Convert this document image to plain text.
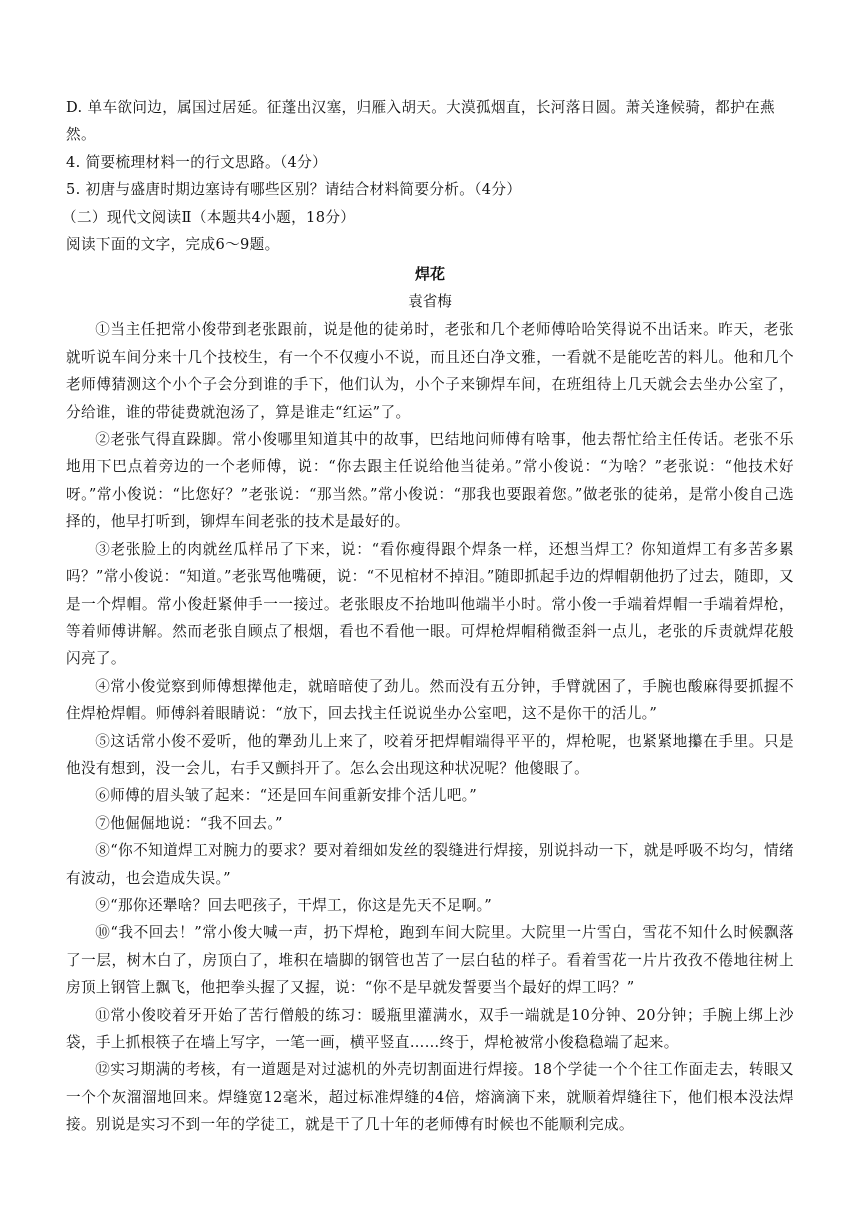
D. 单车欲问边，属国过居延。征蓬出汉塞，归雁入胡天。大漠孤烟直，长河落日圆。萧关逢候骑，都护在燕然。

4. 简要梳理材料一的行文思路。（4分）

5. 初唐与盛唐时期边塞诗有哪些区别？请结合材料简要分析。（4分）

（二）现代文阅读Ⅱ（本题共4小题，18分）

阅读下面的文字，完成6～9题。

焊花
袁省梅

①当主任把常小俊带到老张跟前，说是他的徒弟时，老张和几个老师傅哈哈笑得说不出话来。昨天，老张就听说车间分来十几个技校生，有一个不仅瘦小不说，而且还白净文雅，一看就不是能吃苦的料儿。他和几个老师傅猜测这个小个子会分到谁的手下，他们认为，小个子来铆焊车间，在班组待上几天就会去坐办公室了，分给谁，谁的带徒费就泡汤了，算是谁走“红运”了。

②老张气得直跺脚。常小俊哪里知道其中的故事，巴结地问师傅有啥事，他去帮忙给主任传话。老张不乐地用下巴点着旁边的一个老师傅，说：“你去跟主任说给他当徒弟。”常小俊说：“为啥？”老张说：“他技术好呀。”常小俊说：“比您好？”老张说：“那当然。”常小俊说：“那我也要跟着您。”做老张的徒弟，是常小俊自己选择的，他早打听到，铆焊车间老张的技术是最好的。

③老张脸上的肉就丝瓜样吊了下来，说：“看你瘦得跟个焊条一样，还想当焊工？你知道焊工有多苦多累吗？”常小俊说：“知道。”老张骂他嘴硬，说：“不见棺材不掉泪。”随即抓起手边的焊帽朝他扔了过去，随即，又是一个焊帽。常小俊赶紧伸手一一接过。老张眼皮不抬地叫他端半小时。常小俊一手端着焊帽一手端着焊枪，等着师傅讲解。然而老张自顾点了根烟，看也不看他一眼。可焊枪焊帽稍微歪斜一点儿，老张的斥责就焊花般闪亮了。

④常小俊觉察到师傅想撵他走，就暗暗使了劲儿。然而没有五分钟，手臂就困了，手腕也酸麻得要抓握不住焊枪焊帽。师傅斜着眼睛说：“放下，回去找主任说说坐办公室吧，这不是你干的活儿。”

⑤这话常小俊不爱听，他的犟劲儿上来了，咬着牙把焊帽端得平平的，焊枪呢，也紧紧地攥在手里。只是他没有想到，没一会儿，右手又颤抖开了。怎么会出现这种状况呢？他傻眼了。

⑥师傅的眉头皱了起来：“还是回车间重新安排个活儿吧。”

⑦他倔倔地说：“我不回去。”

⑧“你不知道焊工对腕力的要求？要对着细如发丝的裂缝进行焊接，别说抖动一下，就是呼吸不均匀，情绪有波动，也会造成失误。”

⑨“那你还犟啥？回去吧孩子，干焊工，你这是先天不足啊。”

⑩“我不回去！”常小俊大喊一声，扔下焊枪，跑到车间大院里。大院里一片雪白，雪花不知什么时候飘落了一层，树木白了，房顶白了，堆积在墙脚的钢管也苫了一层白毡的样子。看着雪花一片片孜孜不倦地往树上房顶上钢管上飘飞，他把拳头握了又握，说：“你不是早就发誓要当个最好的焊工吗？”

⑪常小俊咬着牙开始了苦行僧般的练习：暖瓶里灌满水，双手一端就是10分钟、20分钟；手腕上绑上沙袋，手上抓根筷子在墙上写字，一笔一画，横平竖直……终于，焊枪被常小俊稳稳端了起来。

⑫实习期满的考核，有一道题是对过滤机的外壳切割面进行焊接。18个学徒一个个往工作面走去，转眼又一个个灰溜溜地回来。焊缝宽12毫米，超过标准焊缝的4倍，熔滴滴下来，就顺着焊缝往下，他们根本没法焊接。别说是实习不到一年的学徒工，就是干了几十年的老师傅有时候也不能顺利完成。
